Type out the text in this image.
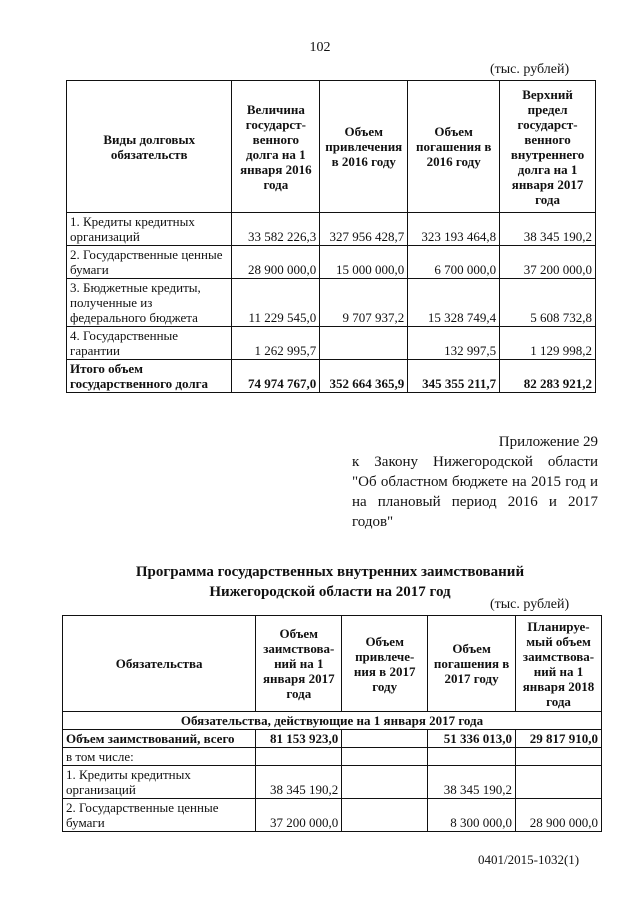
102
(тыс. рублей)
Виды долговых обязательств	Величина государст-венного долга на 1 января 2016 года	Объем привлечения в 2016 году	Объем погашения в 2016 году	Верхний предел государст-венного внутреннего долга на 1 января 2017 года
1. Кредиты кредитных организаций	33 582 226,3	327 956 428,7	323 193 464,8	38 345 190,2
2. Государственные ценные бумаги	28 900 000,0	15 000 000,0	6 700 000,0	37 200 000,0
3. Бюджетные кредиты, полученные из федерального бюджета	11 229 545,0	9 707 937,2	15 328 749,4	5 608 732,8
4. Государственные гарантии	1 262 995,7		132 997,5	1 129 998,2
Итого объем государственного долга	74 974 767,0	352 664 365,9	345 355 211,7	82 283 921,2
Приложение 29
к Закону Нижегородской области
"Об областном бюджете на 2015 год и
на плановый период 2016 и 2017
годов"
Программа государственных внутренних заимствований
Нижегородской области на 2017 год
(тыс. рублей)
Обязательства	Объем заимствова-ний на 1 января 2017 года	Объем привлече-ния в 2017 году	Объем погашения в 2017 году	Планируе-мый объем заимствова-ний на 1 января 2018 года
Обязательства, действующие на 1 января 2017 года				
Объем заимствований, всего	81 153 923,0		51 336 013,0	29 817 910,0
в том числе:				
1. Кредиты кредитных организаций	38 345 190,2		38 345 190,2	
2. Государственные ценные бумаги	37 200 000,0		8 300 000,0	28 900 000,0
0401/2015-1032(1)
